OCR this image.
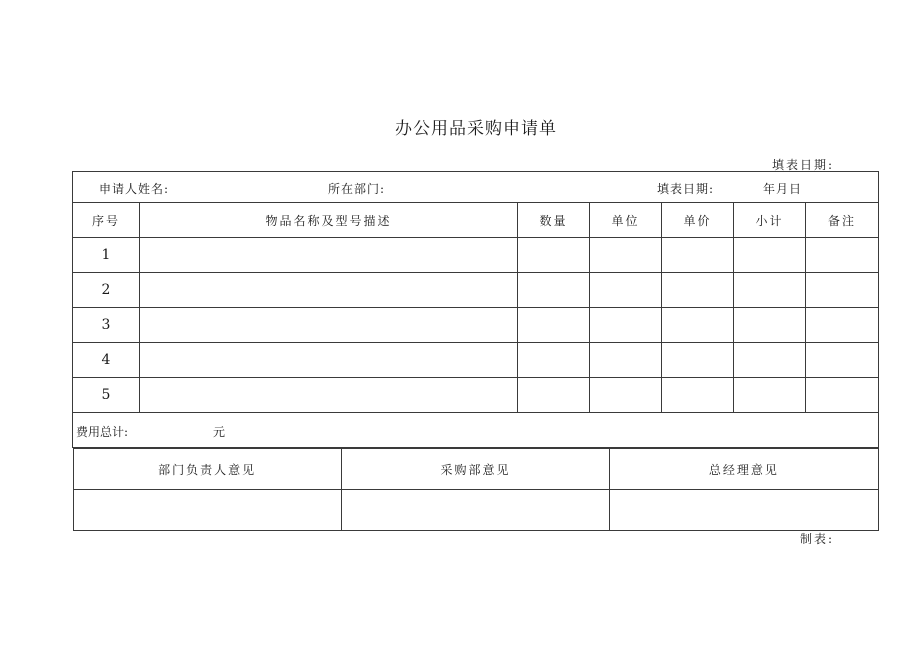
办公用品采购申请单
填表日期:
申请人姓名:	所在部门:	填表日期:	年月日

序号	物品名称及型号描述	数量	单位	单价	小计	备注
1						
2						
3						
4						
5						

费用总计:	元

部门负责人意见	采购部意见	总经理意见

制表:
